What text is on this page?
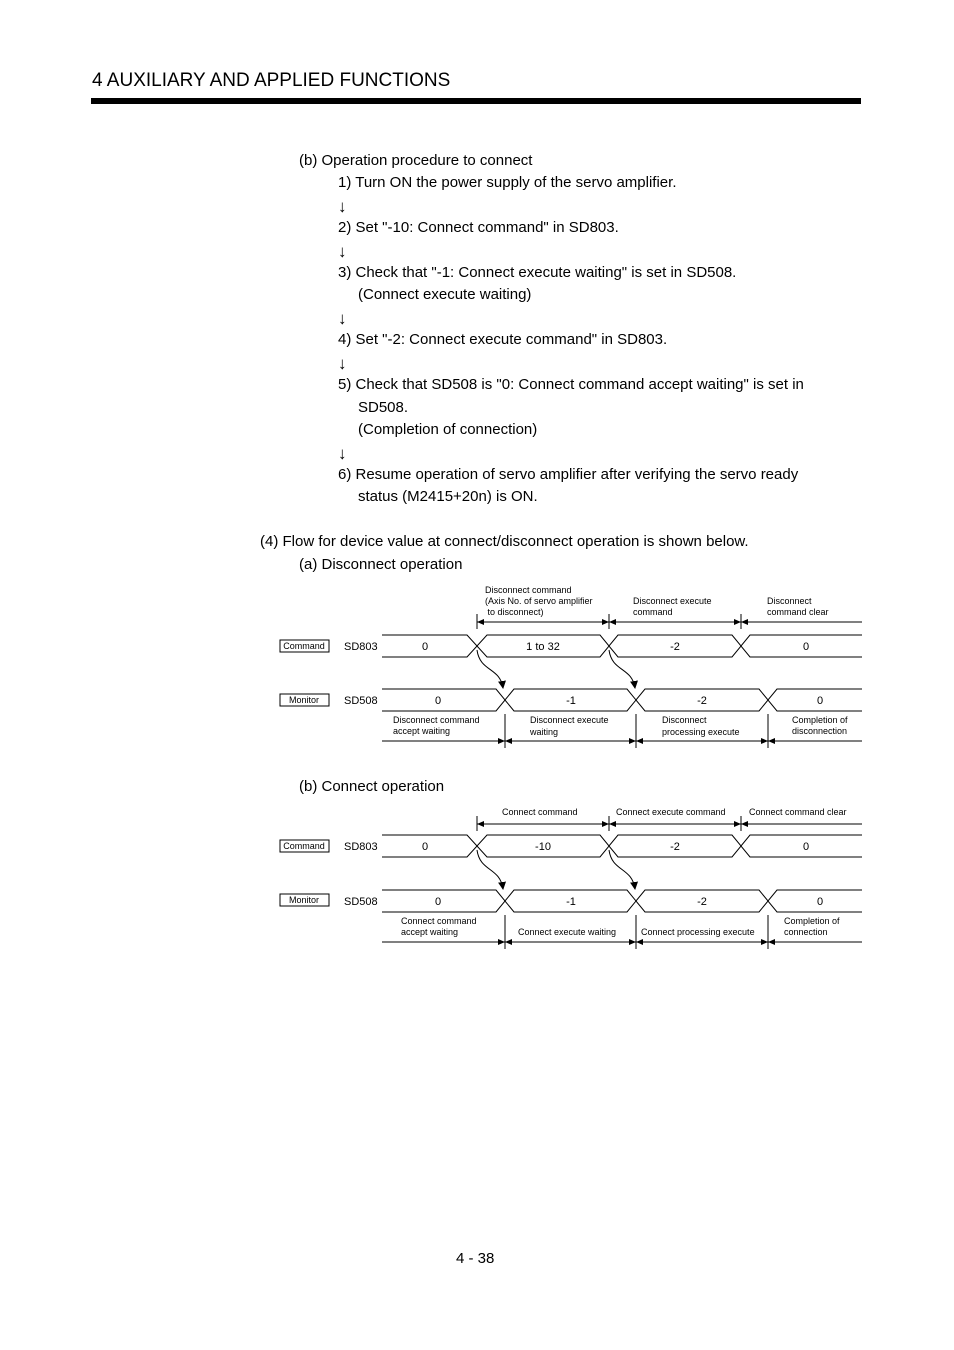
4 AUXILIARY AND APPLIED FUNCTIONS
(b) Operation procedure to connect
1) Turn ON the power supply of the servo amplifier.
↓
2) Set "-10: Connect command" in SD803.
↓
3) Check that "-1: Connect execute waiting" is set in SD508.
(Connect execute waiting)
↓
4) Set "-2: Connect execute command" in SD803.
↓
5) Check that SD508 is "0: Connect command accept waiting" is set in
SD508.
(Completion of connection)
↓
6) Resume operation of servo amplifier after verifying the servo ready
status (M2415+20n) is ON.
(4) Flow for device value at connect/disconnect operation is shown below.
(a) Disconnect operation
(b) Connect operation
Command
Monitor
SD803
SD508
0	1 to 32	-2	0
0	-1	-2	0
Disconnect command
(Axis No. of servo amplifier
to disconnect)
Disconnect execute
command
Disconnect
command clear
Disconnect command
accept waiting
Disconnect execute
waiting
Disconnect
processing execute
Completion of
disconnection
Command
Monitor
SD803
SD508
0	-10	-2	0
0	-1	-2	0
Connect command	Connect execute command	Connect command clear
Connect command
accept waiting	Connect execute waiting	Connect processing execute
Completion of
connection
4 - 38
